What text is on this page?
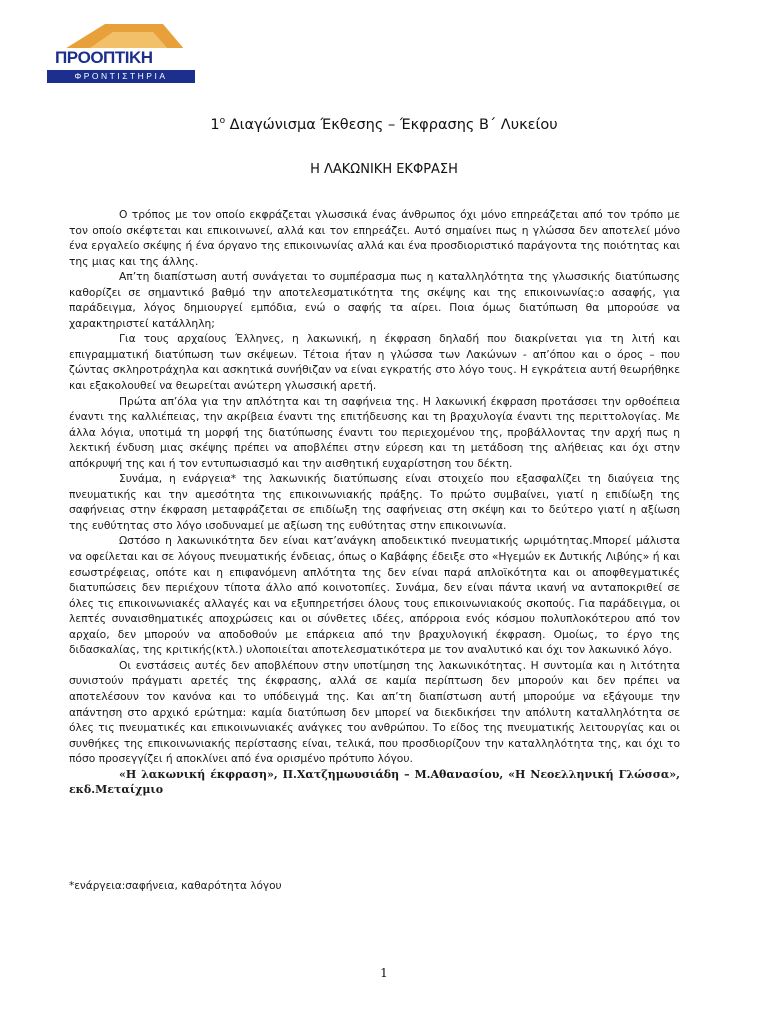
ΠΡΟΟΠΤΙΚΗ
ΦΡΟΝΤΙΣΤΗΡΙΑ
$1^o$ Διαγώνισμα Έκθεσης – Έκφρασης Β΄ Λυκείου
Η ΛΑΚΩΝΙΚΗ ΕΚΦΡΑΣΗ

Ο τρόπος με τον οποίο εκφράζεται γλωσσικά ένας άνθρωπος όχι μόνο επηρεάζεται από τον τρόπο με τον οποίο σκέφτεται και επικοινωνεί, αλλά και τον επηρεάζει. Αυτό σημαίνει πως η γλώσσα δεν αποτελεί μόνο ένα εργαλείο σκέψης ή ένα όργανο της επικοινωνίας αλλά και ένα προσδιοριστικό παράγοντα της ποιότητας και της μιας και της άλλης.

Απ’τη διαπίστωση αυτή συνάγεται το συμπέρασμα πως η καταλληλότητα της γλωσσικής διατύπωσης καθορίζει σε σημαντικό βαθμό την αποτελεσματικότητα της σκέψης και της επικοινωνίας:ο ασαφής, για παράδειγμα, λόγος δημιουργεί εμπόδια, ενώ ο σαφής τα αίρει. Ποια όμως διατύπωση θα μπορούσε να χαρακτηριστεί κατάλληλη;

Για τους αρχαίους Έλληνες, η λακωνική, η έκφραση δηλαδή που διακρίνεται για τη λιτή και επιγραμματική διατύπωση των σκέψεων. Τέτοια ήταν η γλώσσα των Λακώνων - απ’όπου και ο όρος – που ζώντας σκληροτράχηλα και ασκητικά συνήθιζαν να είναι εγκρατής στο λόγο τους. Η εγκράτεια αυτή θεωρήθηκε και εξακολουθεί να θεωρείται ανώτερη γλωσσική αρετή.

Πρώτα απ’όλα για την απλότητα και τη σαφήνεια της. Η λακωνική έκφραση προτάσσει την ορθοέπεια έναντι της καλλιέπειας, την ακρίβεια έναντι της επιτήδευσης και τη βραχυλογία έναντι της περιττολογίας. Με άλλα λόγια, υποτιμά τη μορφή της διατύπωσης έναντι του περιεχομένου της, προβάλλοντας την αρχή πως η λεκτική ένδυση μιας σκέψης πρέπει να αποβλέπει στην εύρεση και τη μετάδοση της αλήθειας και όχι στην απόκρυψή της και ή τον εντυπωσιασμό και την αισθητική ευχαρίστηση του δέκτη.

Συνάμα, η ενάργεια* της λακωνικής διατύπωσης είναι στοιχείο που εξασφαλίζει τη διαύγεια της πνευματικής και την αμεσότητα της επικοινωνιακής πράξης. Το πρώτο συμβαίνει, γιατί η επιδίωξη της σαφήνειας στην έκφραση μεταφράζεται σε επιδίωξη της σαφήνειας στη σκέψη και το δεύτερο γιατί η αξίωση της ευθύτητας στο λόγο ισοδυναμεί με αξίωση της ευθύτητας στην επικοινωνία.

Ωστόσο η λακωνικότητα δεν είναι κατ’ανάγκη αποδεικτικό πνευματικής ωριμότητας.Μπορεί μάλιστα να οφείλεται και σε λόγους πνευματικής ένδειας, όπως ο Καβάφης έδειξε στο «Ηγεμών εκ Δυτικής Λιβύης» ή και εσωστρέφειας, οπότε και η επιφανόμενη απλότητα της δεν είναι παρά απλοϊκότητα και οι αποφθεγματικές διατυπώσεις δεν περιέχουν τίποτα άλλο από κοινοτοπίες. Συνάμα, δεν είναι πάντα ικανή να ανταποκριθεί σε όλες τις επικοινωνιακές αλλαγές και να εξυπηρετήσει όλους τους επικοινωνιακούς σκοπούς. Για παράδειγμα, οι λεπτές συναισθηματικές αποχρώσεις και οι σύνθετες ιδέες, απόρροια ενός κόσμου πολυπλοκότερου από τον αρχαίο, δεν μπορούν να αποδοθούν με επάρκεια από την βραχυλογική έκφραση. Ομοίως, το έργο της διδασκαλίας, της κριτικής(κτλ.) υλοποιείται αποτελεσματικότερα με τον αναλυτικό και όχι τον λακωνικό λόγο.

Οι ενστάσεις αυτές δεν αποβλέπουν στην υποτίμηση της λακωνικότητας. Η συντομία και η λιτότητα συνιστούν πράγματι αρετές της έκφρασης, αλλά σε καμία περίπτωση δεν μπορούν και δεν πρέπει να αποτελέσουν τον κανόνα και το υπόδειγμά της. Και απ’τη διαπίστωση αυτή μπορούμε να εξάγουμε την απάντηση στο αρχικό ερώτημα: καμία διατύπωση δεν μπορεί να διεκδικήσει την απόλυτη καταλληλότητα σε όλες τις πνευματικές και επικοινωνιακές ανάγκες του ανθρώπου. Το είδος της πνευματικής λειτουργίας και οι συνθήκες της επικοινωνιακής περίστασης είναι, τελικά, που προσδιορίζουν την καταλληλότητα της, και όχι το πόσο προσεγγίζει ή αποκλίνει από ένα ορισμένο πρότυπο λόγου.

«Η λακωνική έκφραση», Π.Χατζημωυσιάδη – Μ.Αθανασίου, «Η Νεοελληνική Γλώσσα», εκδ.Μεταίχμιο

*ενάργεια:σαφήνεια, καθαρότητα λόγου
1
